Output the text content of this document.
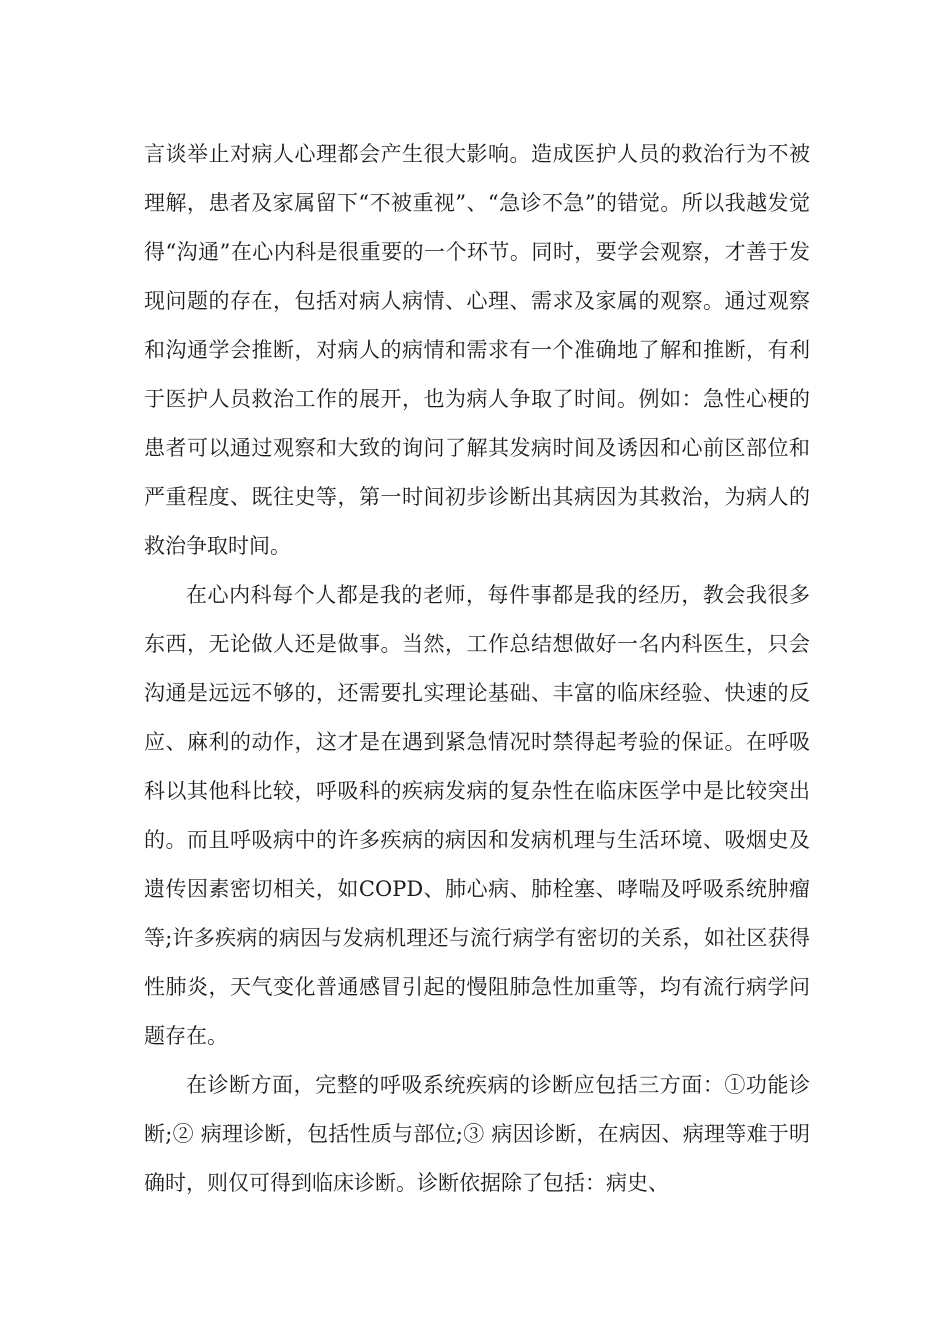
言谈举止对病人心理都会产生很大影响。造成医护人员的救治行为不被理解，患者及家属留下“不被重视”、“急诊不急”的错觉。所以我越发觉得“沟通”在心内科是很重要的一个环节。同时，要学会观察，才善于发现问题的存在，包括对病人病情、心理、需求及家属的观察。通过观察和沟通学会推断，对病人的病情和需求有一个准确地了解和推断，有利于医护人员救治工作的展开，也为病人争取了时间。例如：急性心梗的患者可以通过观察和大致的询问了解其发病时间及诱因和心前区部位和严重程度、既往史等，第一时间初步诊断出其病因为其救治，为病人的救治争取时间。

在心内科每个人都是我的老师，每件事都是我的经历，教会我很多东西，无论做人还是做事。当然，工作总结想做好一名内科医生，只会沟通是远远不够的，还需要扎实理论基础、丰富的临床经验、快速的反应、麻利的动作，这才是在遇到紧急情况时禁得起考验的保证。在呼吸科以其他科比较，呼吸科的疾病发病的复杂性在临床医学中是比较突出的。而且呼吸病中的许多疾病的病因和发病机理与生活环境、吸烟史及遗传因素密切相关，如COPD、肺心病、肺栓塞、哮喘及呼吸系统肿瘤等;许多疾病的病因与发病机理还与流行病学有密切的关系，如社区获得性肺炎，天气变化普通感冒引起的慢阻肺急性加重等，均有流行病学问题存在。

在诊断方面，完整的呼吸系统疾病的诊断应包括三方面：①功能诊断;② 病理诊断，包括性质与部位;③ 病因诊断，在病因、病理等难于明确时，则仅可得到临床诊断。诊断依据除了包括：病史、
